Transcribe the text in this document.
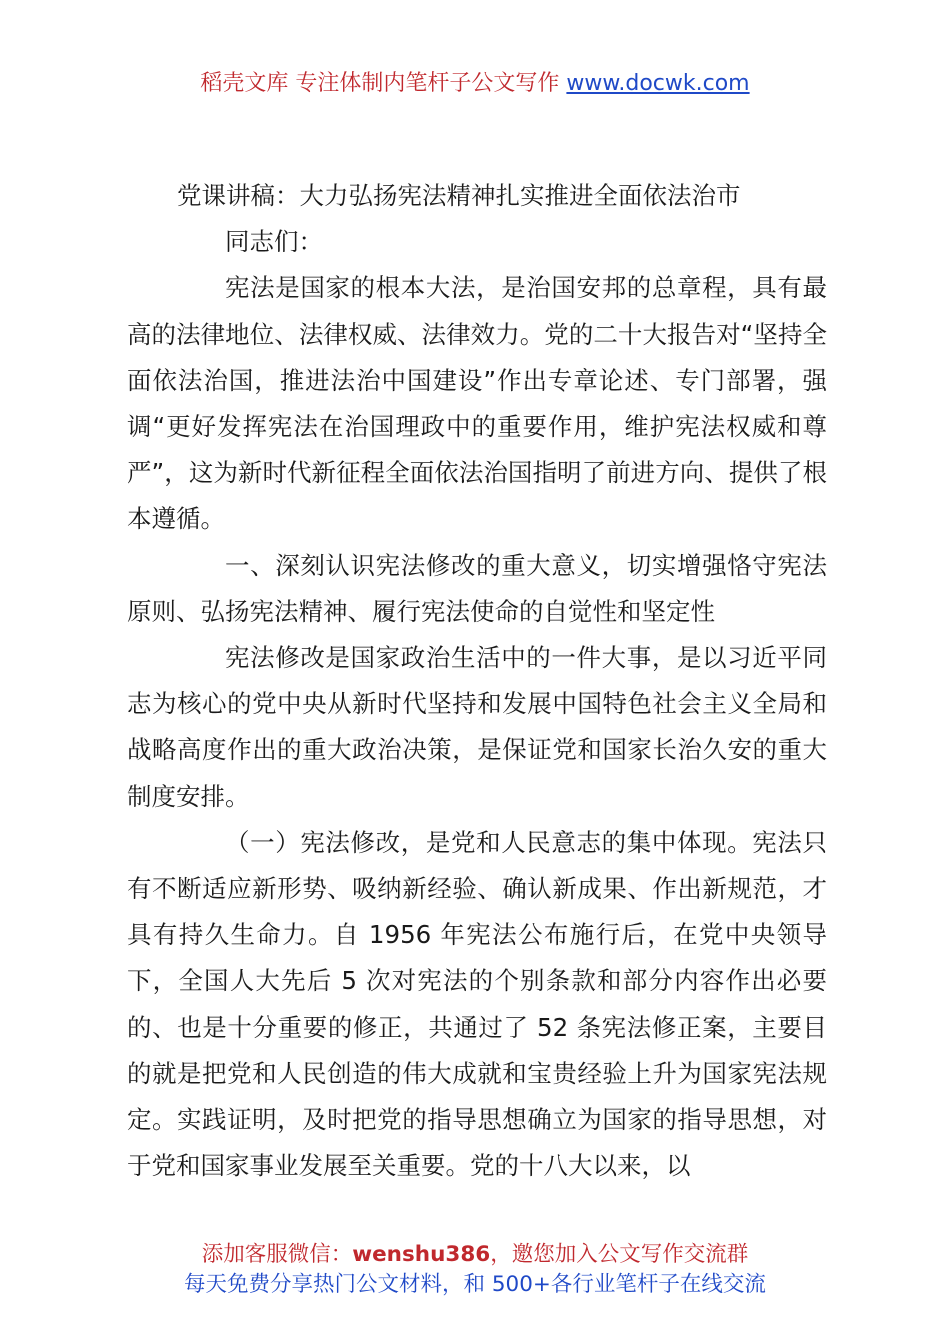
稻壳文库 专注体制内笔杆子公文写作 www.docwk.com

党课讲稿：大力弘扬宪法精神扎实推进全面依法治市

同志们：

宪法是国家的根本大法，是治国安邦的总章程，具有最高的法律地位、法律权威、法律效力。党的二十大报告对“坚持全面依法治国，推进法治中国建设”作出专章论述、专门部署，强调“更好发挥宪法在治国理政中的重要作用，维护宪法权威和尊严”，这为新时代新征程全面依法治国指明了前进方向、提供了根本遵循。

一、深刻认识宪法修改的重大意义，切实增强恪守宪法原则、弘扬宪法精神、履行宪法使命的自觉性和坚定性

宪法修改是国家政治生活中的一件大事，是以习近平同志为核心的党中央从新时代坚持和发展中国特色社会主义全局和战略高度作出的重大政治决策，是保证党和国家长治久安的重大制度安排。

（一）宪法修改，是党和人民意志的集中体现。宪法只有不断适应新形势、吸纳新经验、确认新成果、作出新规范，才具有持久生命力。自 1956 年宪法公布施行后，在党中央领导下，全国人大先后 5 次对宪法的个别条款和部分内容作出必要的、也是十分重要的修正，共通过了 52 条宪法修正案，主要目的就是把党和人民创造的伟大成就和宝贵经验上升为国家宪法规定。实践证明，及时把党的指导思想确立为国家的指导思想，对于党和国家事业发展至关重要。党的十八大以来，以

添加客服微信：wenshu386，邀您加入公文写作交流群
每天免费分享热门公文材料，和 500+各行业笔杆子在线交流
